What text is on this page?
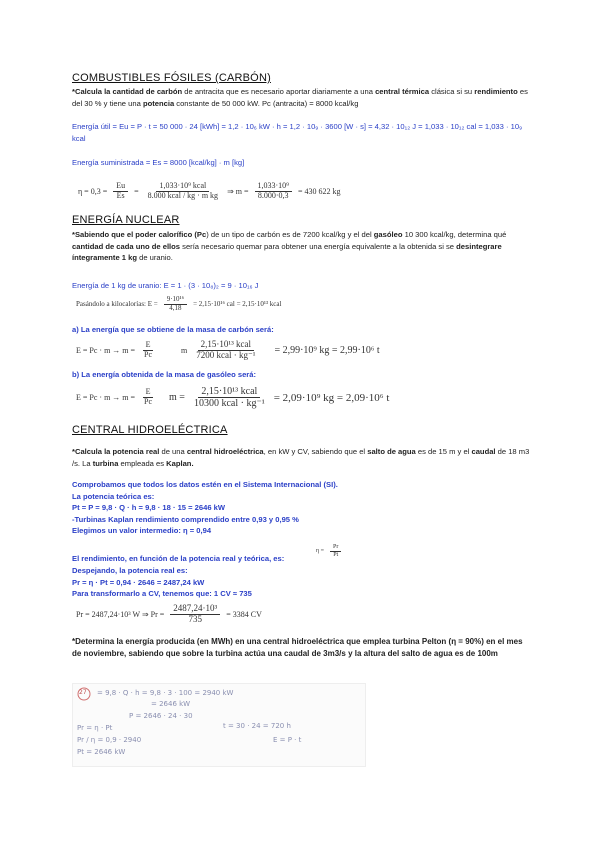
COMBUSTIBLES FÓSILES (CARBÓN)
*Calcula la cantidad de carbón de antracita que es necesario aportar diariamente a una central térmica clásica si su rendimiento es del 30 % y tiene una potencia constante de 50 000 kW. Pc (antracita) = 8000 kcal/kg
Energía útil = Eu = P · t = 50 000 · 24 [kWh] = 1,2 · 10₆ kW · h = 1,2 · 10₉ · 3600 [W · s] = 4,32 · 10₁₂ J = 1,033 · 10₁₂ cal = 1,033 · 10₉ kcal
Energía suministrada = Es = 8000 [kcal/kg] · m [kg]
$\eta = 0,3 = \frac{Eu}{Es} = \frac{\text{1,033·10⁹ kcal}}{\text{8.000 kcal / kg · m kg}}$ ⇒ $m = \frac{\text{1,033·10⁹}}{8.000\cdot 0,3} = 430$ 622 kg
ENERGÍA NUCLEAR
*Sabiendo que el poder calorífico (Pc) de un tipo de carbón es de 7200 kcal/kg y el del gasóleo 10 300 kcal/kg, determina qué cantidad de cada uno de ellos sería necesario quemar para obtener una energía equivalente a la obtenida si se desintegrare íntegramente 1 kg de uranio.
Energía de 1 kg de uranio: E = 1 · (3 · 10₈)₂ = 9 · 10₁₆ J
Pasándolo a kilocalorías: $E = \frac{\text{9·10¹⁶}}{4,18} = 2,15\cdot 10^{16}$ cal = 2,15·10¹³ kcal
a) La energía que se obtiene de la masa de carbón será:
$E = Pc \cdot m \to m = \frac{E}{Pc}$	m $\frac{\text{2,15·10¹³ kcal}}{\text{7200 kcal · kg⁻¹}} = 2,99\cdot 10^9$ kg = 2,99·10⁶ t
b) La energía obtenida de la masa de gasóleo será:
$E = Pc \cdot m \to m = \frac{E}{Pc}$ $m = \frac{\text{2,15·10¹³ kcal}}{\text{10300 kcal · kg⁻¹}} = 2,09\cdot 10^9$ kg = 2,09·10⁶ t
CENTRAL HIDROELÉCTRICA
*Calcula la potencia real de una central hidroeléctrica, en kW y CV, sabiendo que el salto de agua es de 15 m y el caudal de 18 m3 /s. La turbina empleada es Kaplan.
Comprobamos que todos los datos estén en el Sistema Internacional (SI).
La potencia teórica es:
Pt = P = 9,8 · Q · h = 9,8 · 18 · 15 = 2646 kW
-Turbinas Kaplan rendimiento comprendido entre 0,93 y 0,95 %
Elegimos un valor intermedio: η = 0,94
El rendimiento, en función de la potencia real y teórica, es:
$\eta = \frac{Pr}{Pt}$
Despejando, la potencia real es:
Pr = η · Pt = 0,94 · 2646 = 2487,24 kW
Para transformarlo a CV, tenemos que: 1 CV ≈ 735
Pr = 2487,24·10³ W ⇒ $Pr = \frac{\text{2487,24·10³}}{735} = 3384$ CV
*Determina la energía producida (en MWh) en una central hidroeléctrica que emplea turbina Pelton (η = 90%) en el mes de noviembre, sabiendo que sobre la turbina actúa una caudal de 3m3/s y la altura del salto de agua es de 100m
27 = 9,8 · Q · h = 9,8 · 3 · 100 = 2940 kW
= 2646 kW
P = 2646 · 24 · 30
Pr = η · Pt
Pr / η = 0,9 · 2940
Pt = 2646 kW
t = 30 · 24 = 720 h
E = P · t
